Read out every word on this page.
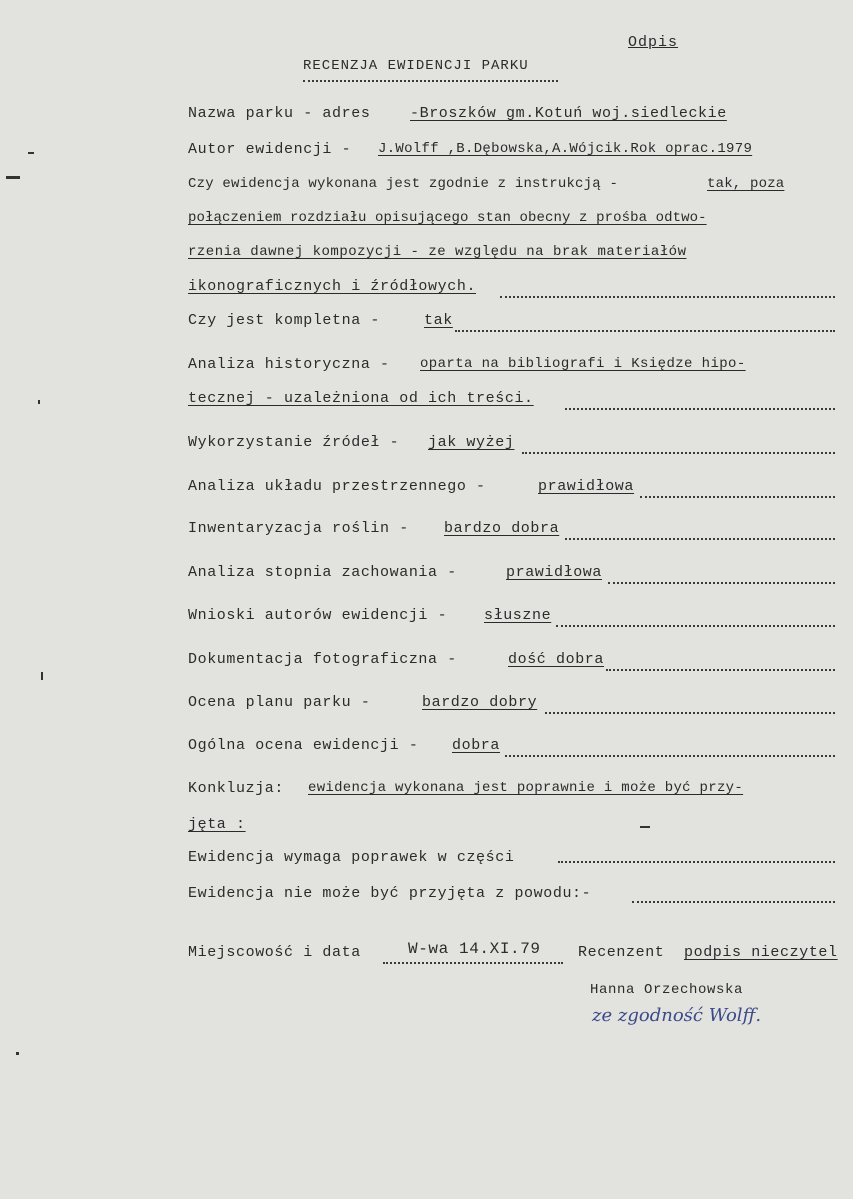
Odpis
RECENZJA EWIDENCJI PARKU
Nazwa parku - adres	-Broszków gm.Kotuń woj.siedleckie
Autor ewidencji - J.Wolff ,B.Dębowska,A.Wójcik.Rok oprac.1979
Czy ewidencja wykonana jest zgodnie z instrukcją -	tak, poza
połączeniem rozdziału opisującego stan obecny z prośba odtwo-
rzenia dawnej kompozycji - ze względu na brak materiałów
ikonograficznych i źródłowych.
Czy jest kompletna -	tak
Analiza historyczna - oparta na bibliografi i Księdze hipo-
tecznej - uzależniona od ich treści.
Wykorzystanie źródeł - jak wyżej
Analiza układu przestrzennego -	prawidłowa
Inwentaryzacja roślin - bardzo dobra
Analiza stopnia zachowania -	prawidłowa
Wnioski autorów ewidencji - słuszne
Dokumentacja fotograficzna -	dość dobra
Ocena planu parku -	bardzo dobry
Ogólna ocena ewidencji - dobra
Konkluzja: ewidencja wykonana jest poprawnie i może być przy-
jęta :
Ewidencja wymaga poprawek w części
Ewidencja nie może być przyjęta z powodu:-
Miejscowość i data	W-wa 14.XI.79 Recenzent podpis nieczytel
Hanna Orzechowska
ze zgodność Wolff.
